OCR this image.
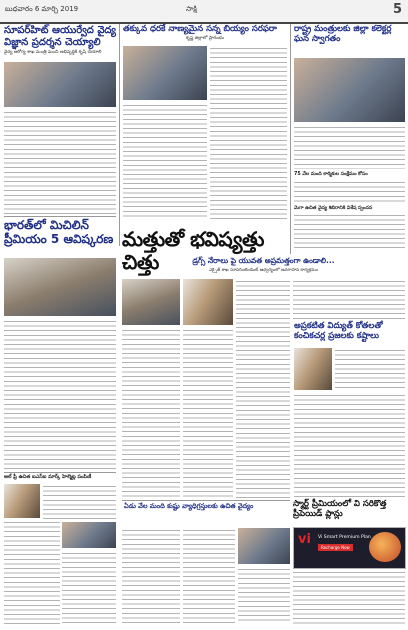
బుధవారం 6 మార్చి 2019	సాక్షి	5
సూపర్‌హిట్ ఆయుర్వేద వైద్య విజ్ఞాన ప్రదర్శన చెయ్యాలి
వైద్య ఆరోగ్య శాఖ మంత్రి మంచి అభివృద్ధికి కృషి చేయాలి
భారత్‌లో మిచిలిన్ ప్రీమియం 5 ఆవిష్కరణ
ఆల్ ఫ్రీ ఉచిత ఐఎస్ఐ మార్క్ హెల్మెట్ల పంపిణీ
తక్కువ ధరకే నాణ్యమైన సన్న బియ్యం సరఫరా
కృష్ణ జిల్లాలో ప్రారంభం
మత్తుతో భవిష్యత్తు చిత్తు	డ్రగ్స్ నేరాలు పై యువత అప్రమత్తంగా ఉండాలి...
ఎక్సైజ్ శాఖ సూపరింటెండెంట్ ఆధ్వర్యంలో అవగాహన కార్యక్రమం
రాష్ట్ర మంత్రులకు జిల్లా కలెక్టర్ల ఘన స్వాగతం
75 వేల మంది కార్మికుల సంక్షేమం కోసం
మెగా ఉచిత వైద్య శిబిరానికి విశేష స్పందన
అప్రకటిత విద్యుత్ కోతలతో కంచికచర్ల ప్రజలకు కష్టాలు
స్మార్ట్ ప్రీమియంలో వి సరికొత్త ప్రీపెయిడ్ ప్లాన్లు
ఏడు వేల మంది కుష్టు వ్యాధిగ్రస్తులకు ఉచిత వైద్యం
vi Vi Smart Premium Plan
Recharge Now
